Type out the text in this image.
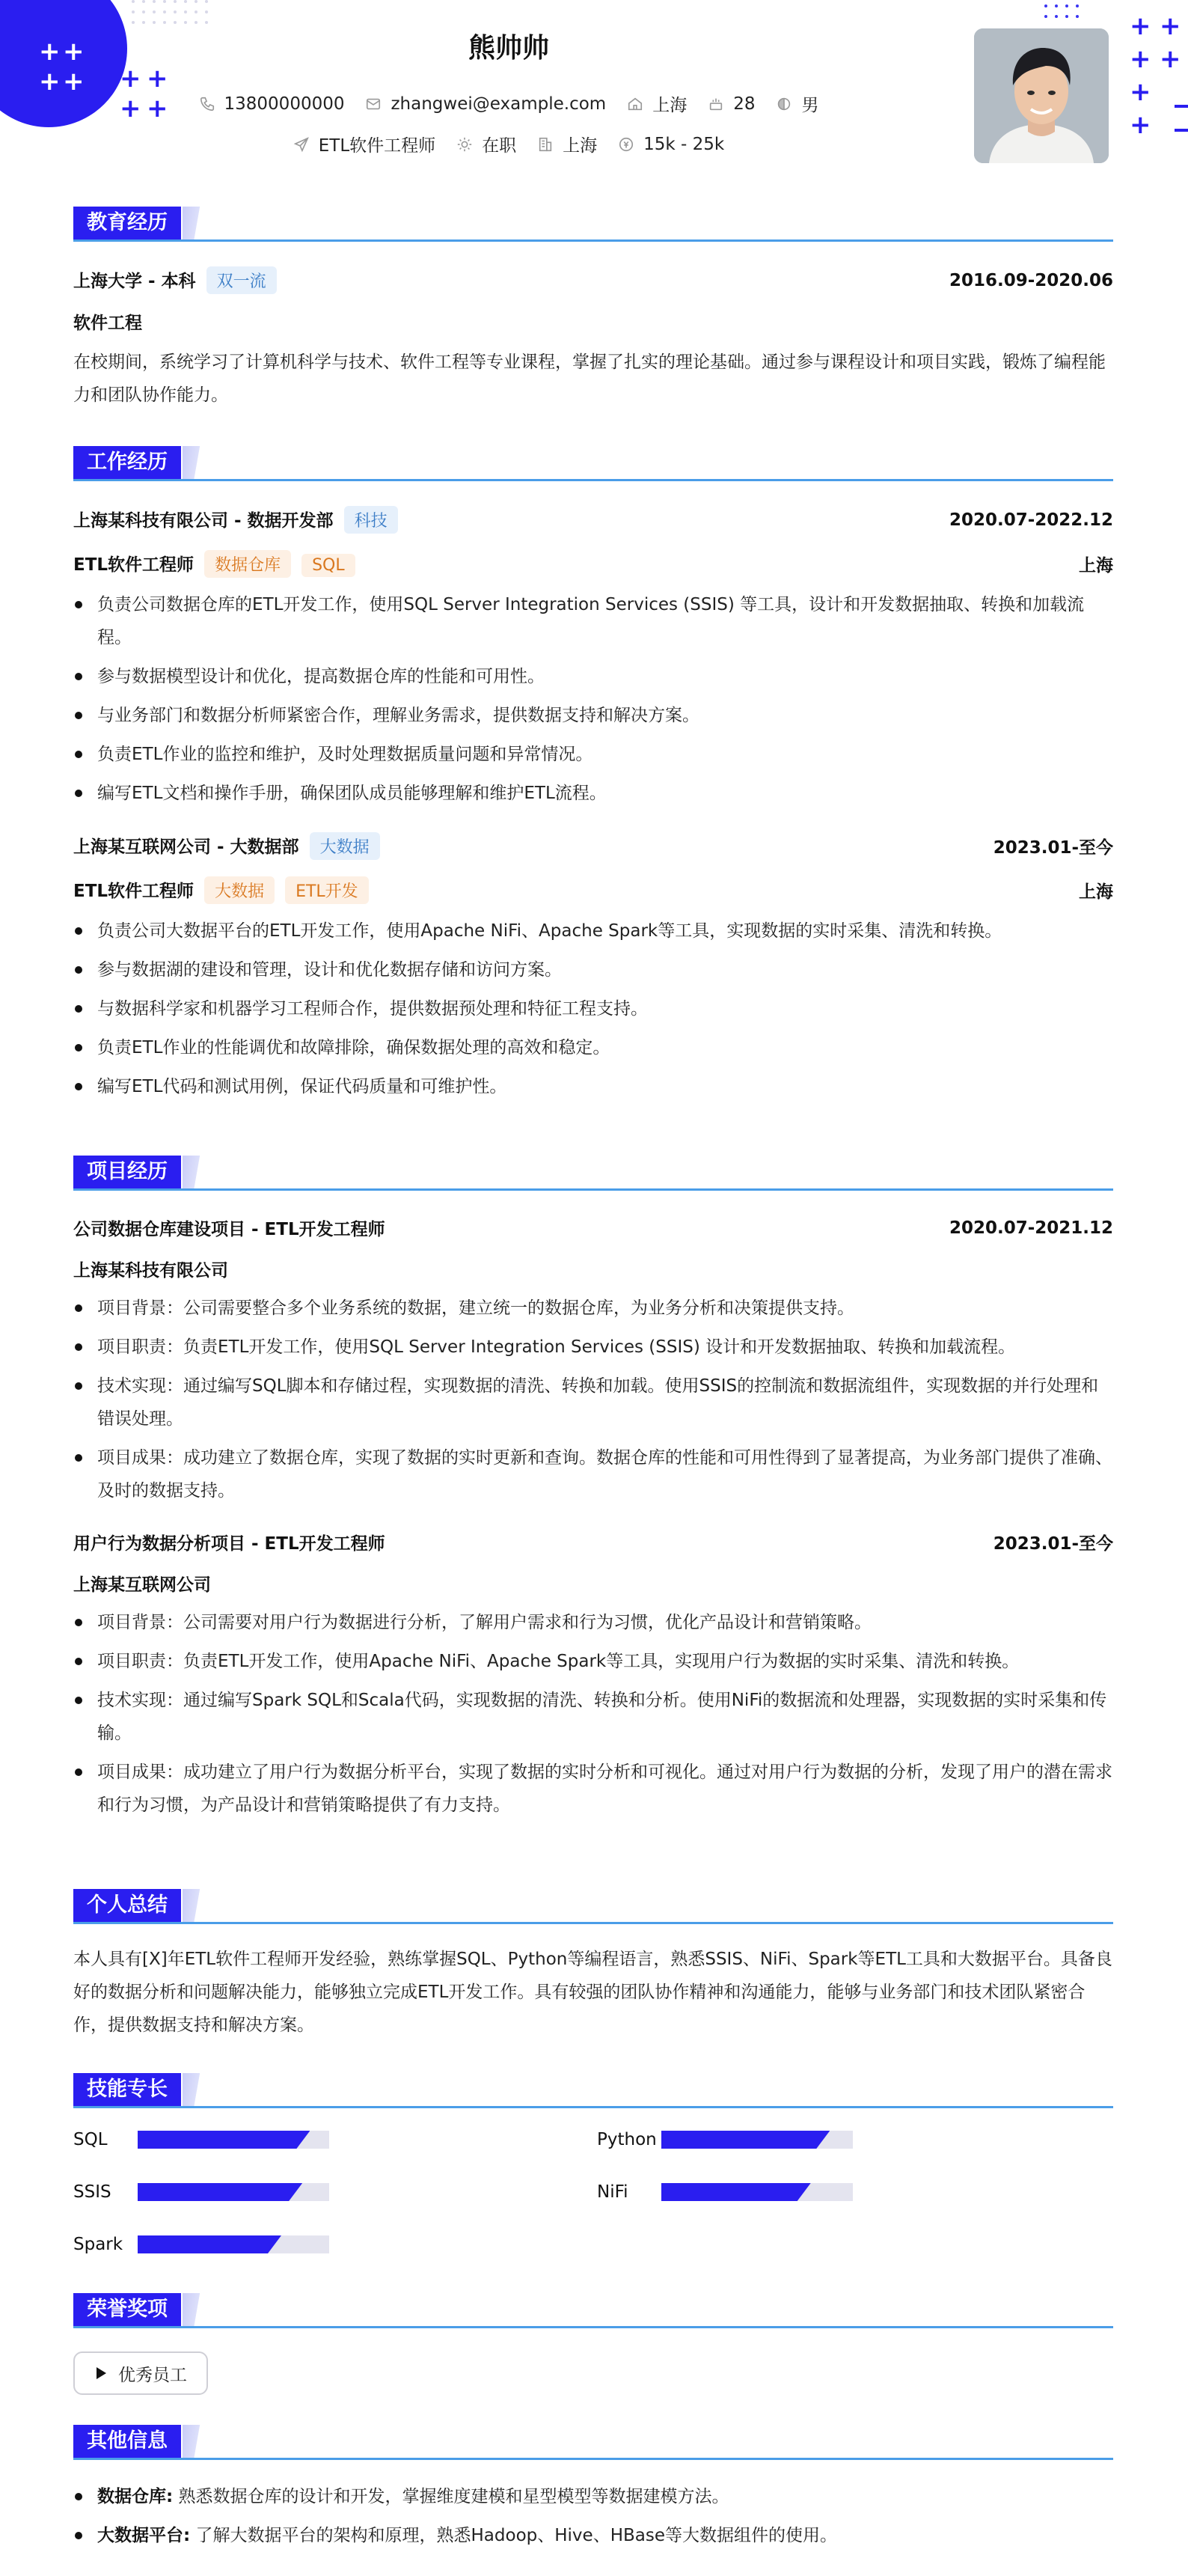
+ +
+ + + +
+ +
+ +
+ +
+
+
熊帅帅
13800000000	zhangwei@example.com	上海	28	男
ETL软件工程师	在职	上海	15k - 25k
教育经历
上海大学 - 本科 双一流	2016.09-2020.06
软件工程
在校期间，系统学习了计算机科学与技术、软件工程等专业课程，掌握了扎实的理论基础。通过参与课程设计和项目实践，锻炼了编程能力和团队协作能力。
工作经历
上海某科技有限公司 - 数据开发部 科技	2020.07-2022.12
ETL软件工程师 数据仓库 SQL	上海
负责公司数据仓库的ETL开发工作，使用SQL Server Integration Services (SSIS) 等工具，设计和开发数据抽取、转换和加载流程。
参与数据模型设计和优化，提高数据仓库的性能和可用性。
与业务部门和数据分析师紧密合作，理解业务需求，提供数据支持和解决方案。
负责ETL作业的监控和维护，及时处理数据质量问题和异常情况。
编写ETL文档和操作手册，确保团队成员能够理解和维护ETL流程。
上海某互联网公司 - 大数据部 大数据	2023.01-至今
ETL软件工程师 大数据 ETL开发	上海
负责公司大数据平台的ETL开发工作，使用Apache NiFi、Apache Spark等工具，实现数据的实时采集、清洗和转换。
参与数据湖的建设和管理，设计和优化数据存储和访问方案。
与数据科学家和机器学习工程师合作，提供数据预处理和特征工程支持。
负责ETL作业的性能调优和故障排除，确保数据处理的高效和稳定。
编写ETL代码和测试用例，保证代码质量和可维护性。
项目经历
公司数据仓库建设项目 - ETL开发工程师	2020.07-2021.12
上海某科技有限公司
项目背景：公司需要整合多个业务系统的数据，建立统一的数据仓库，为业务分析和决策提供支持。
项目职责：负责ETL开发工作，使用SQL Server Integration Services (SSIS) 设计和开发数据抽取、转换和加载流程。
技术实现：通过编写SQL脚本和存储过程，实现数据的清洗、转换和加载。使用SSIS的控制流和数据流组件，实现数据的并行处理和错误处理。
项目成果：成功建立了数据仓库，实现了数据的实时更新和查询。数据仓库的性能和可用性得到了显著提高，为业务部门提供了准确、及时的数据支持。
用户行为数据分析项目 - ETL开发工程师	2023.01-至今
上海某互联网公司
项目背景：公司需要对用户行为数据进行分析，了解用户需求和行为习惯，优化产品设计和营销策略。
项目职责：负责ETL开发工作，使用Apache NiFi、Apache Spark等工具，实现用户行为数据的实时采集、清洗和转换。
技术实现：通过编写Spark SQL和Scala代码，实现数据的清洗、转换和分析。使用NiFi的数据流和处理器，实现数据的实时采集和传输。
项目成果：成功建立了用户行为数据分析平台，实现了数据的实时分析和可视化。通过对用户行为数据的分析，发现了用户的潜在需求和行为习惯，为产品设计和营销策略提供了有力支持。
个人总结
本人具有[X]年ETL软件工程师开发经验，熟练掌握SQL、Python等编程语言，熟悉SSIS、NiFi、Spark等ETL工具和大数据平台。具备良好的数据分析和问题解决能力，能够独立完成ETL开发工作。具有较强的团队协作精神和沟通能力，能够与业务部门和技术团队紧密合作，提供数据支持和解决方案。
技能专长
SQL	Python
SSIS	NiFi
Spark
荣誉奖项
优秀员工
其他信息
数据仓库: 熟悉数据仓库的设计和开发，掌握维度建模和星型模型等数据建模方法。
大数据平台: 了解大数据平台的架构和原理，熟悉Hadoop、Hive、HBase等大数据组件的使用。
